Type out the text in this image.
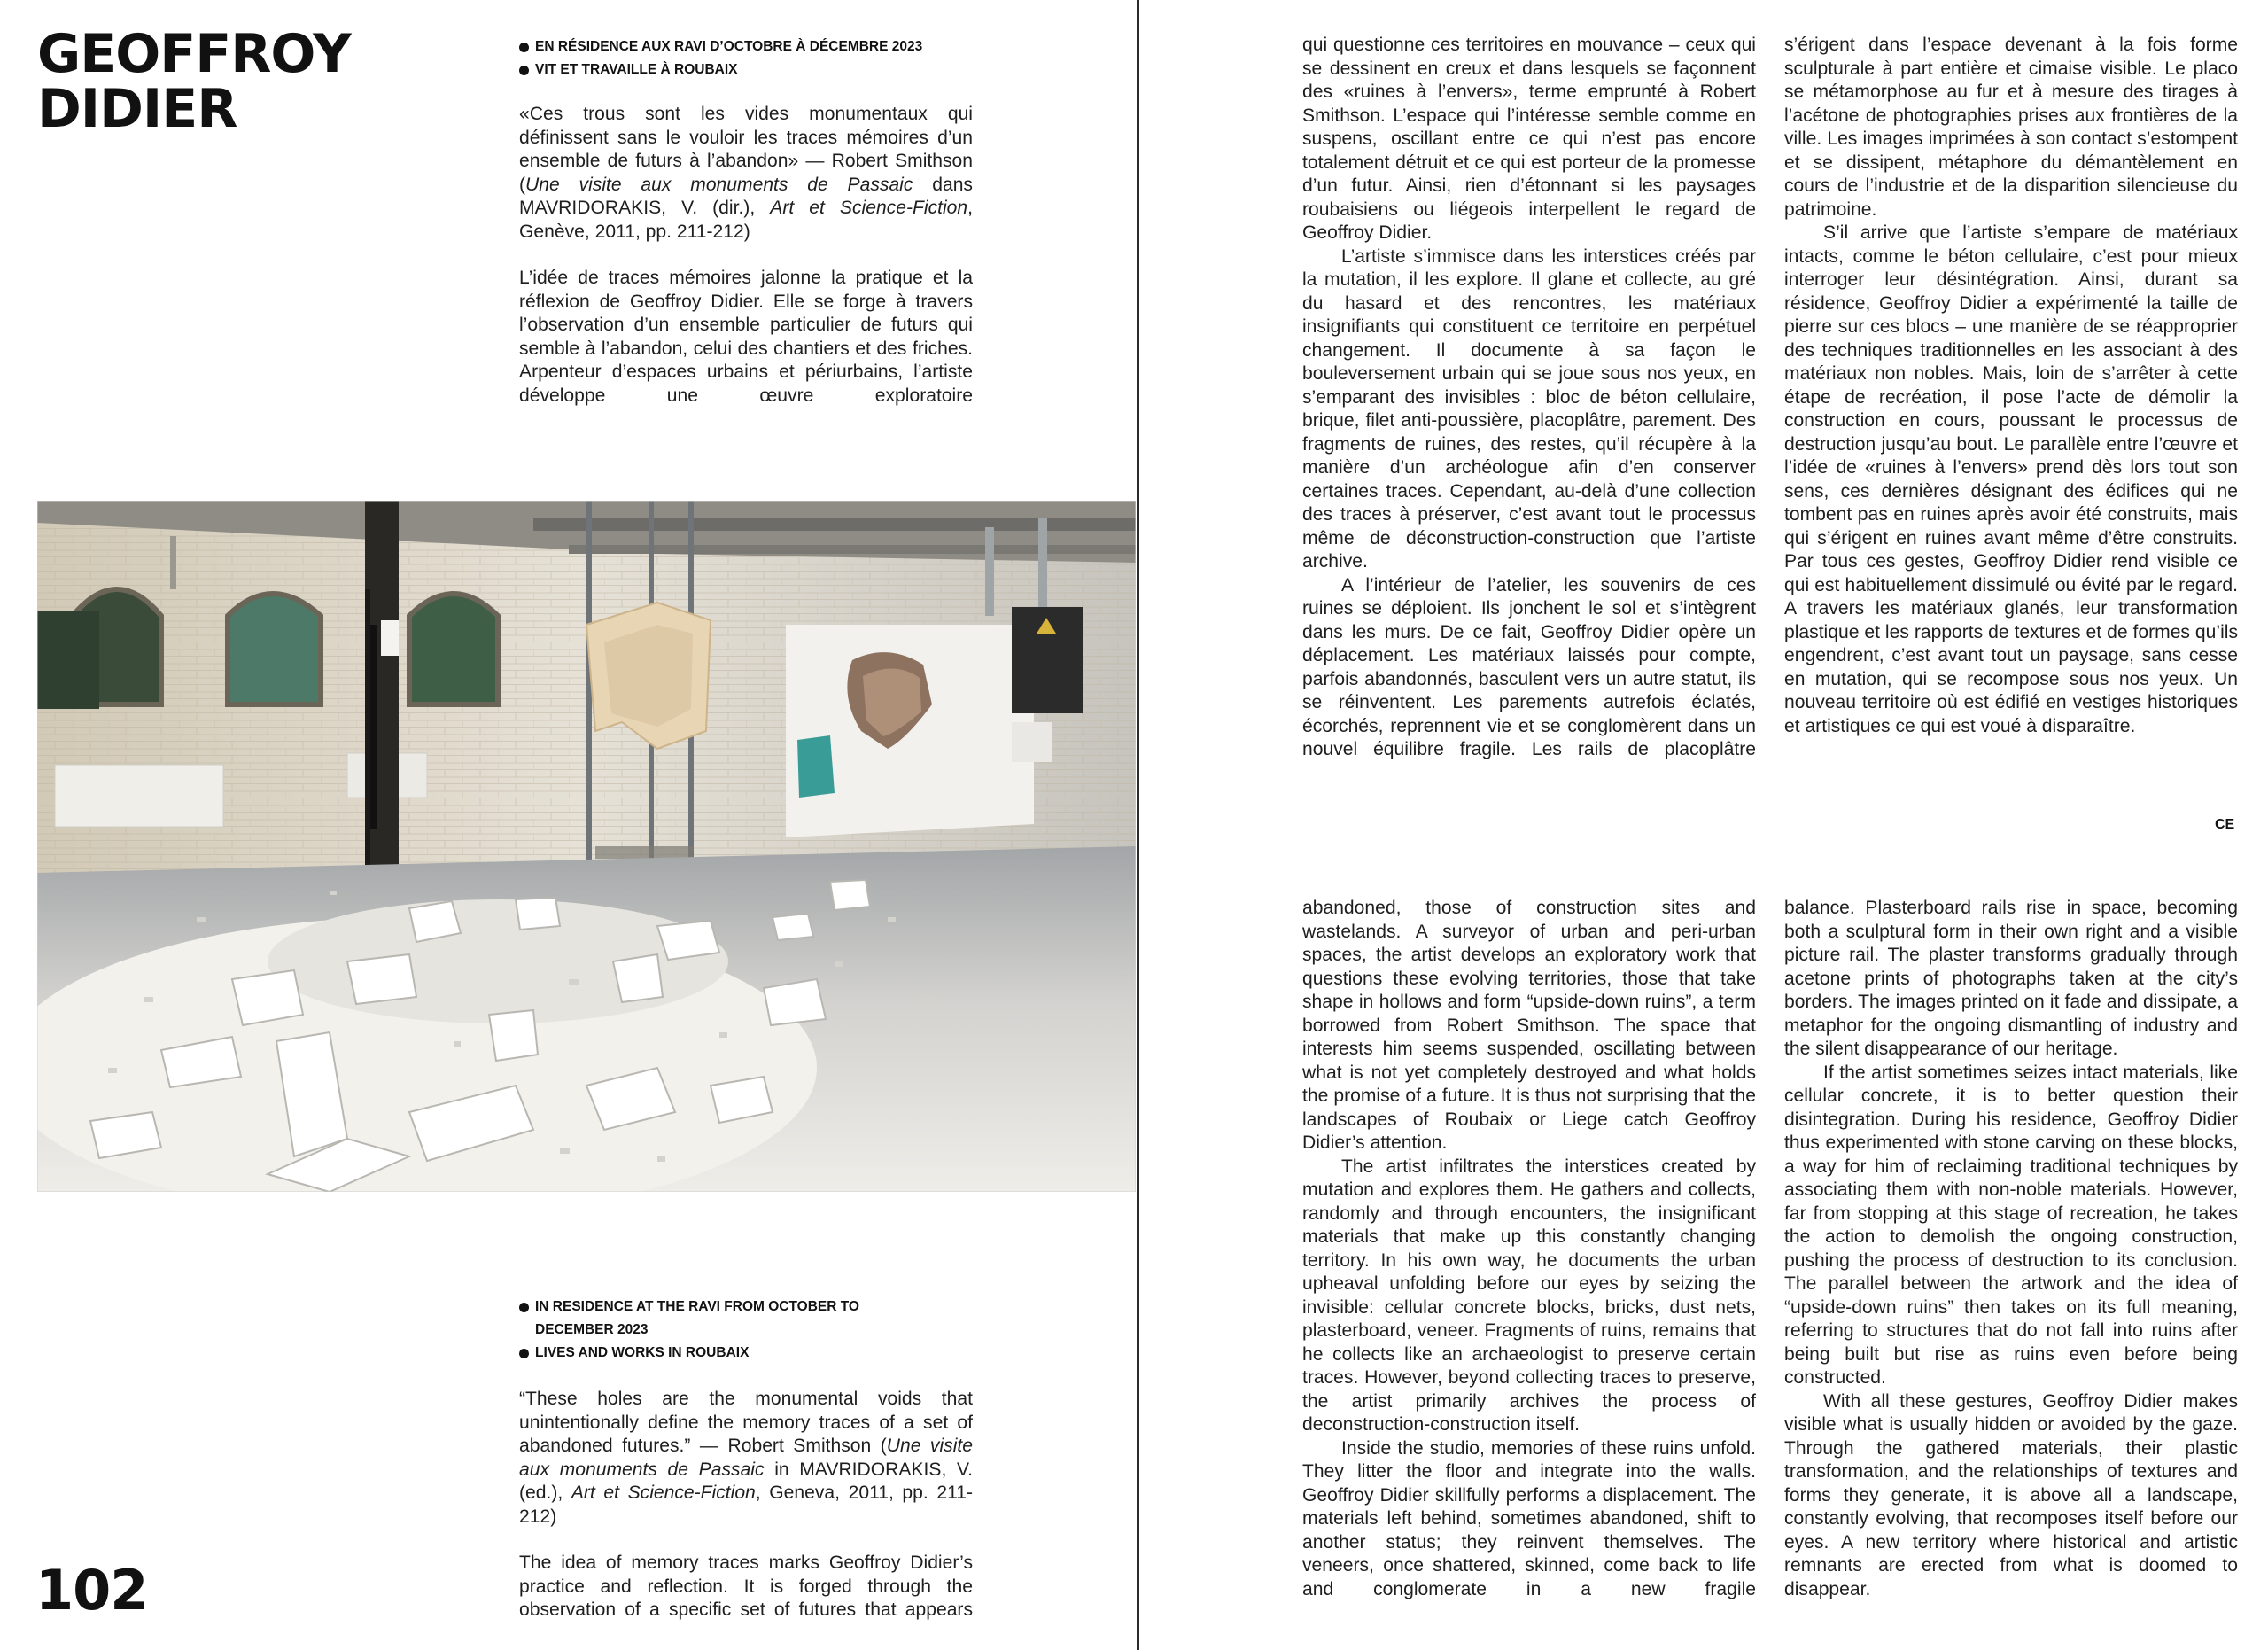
GEOFFROY
DIDIER
EN RÉSIDENCE AUX RAVI D’OCTOBRE À DÉCEMBRE 2023
VIT ET TRAVAILLE À ROUBAIX

«Ces trous sont les vides monumentaux qui définissent sans le vouloir les traces mémoires d’un ensemble de futurs à l’abandon» — Robert Smithson (Une visite aux monuments de Passaic dans MAVRIDORAKIS, V. (dir.), Art et Science-Fiction, Genève, 2011, pp. 211-212)

L’idée de traces mémoires jalonne la pratique et la réflexion de Geoffroy Didier. Elle se forge à travers l’observation d’un ensemble particulier de futurs qui semble à l’abandon, celui des chantiers et des friches. Arpenteur d’espaces urbains et périurbains, l’artiste développe une œuvre exploratoire

IN RESIDENCE AT THE RAVI FROM OCTOBER TO DECEMBER 2023
LIVES AND WORKS IN ROUBAIX

“These holes are the monumental voids that unintentionally define the memory traces of a set of abandoned futures.” — Robert Smithson (Une visite aux monuments de Passaic in MAVRIDORAKIS, V. (ed.), Art et Science-Fiction, Geneva, 2011, pp. 211-212)

The idea of memory traces marks Geoffroy Didier’s practice and reflection. It is forged through the observation of a specific set of futures that appears

102

qui questionne ces territoires en mouvance – ceux qui se dessinent en creux et dans lesquels se façonnent des «ruines à l’envers», terme emprunté à Robert Smithson. L’espace qui l’intéresse semble comme en suspens, oscillant entre ce qui n’est pas encore totalement détruit et ce qui est porteur de la promesse d’un futur. Ainsi, rien d’étonnant si les paysages roubaisiens ou liégeois interpellent le regard de Geoffroy Didier.

L’artiste s’immisce dans les interstices créés par la mutation, il les explore. Il glane et collecte, au gré du hasard et des rencontres, les matériaux insignifiants qui constituent ce territoire en perpétuel changement. Il documente à sa façon le bouleversement urbain qui se joue sous nos yeux, en s’emparant des invisibles : bloc de béton cellulaire, brique, filet anti-poussière, placoplâtre, parement. Des fragments de ruines, des restes, qu’il récupère à la manière d’un archéologue afin d’en conserver certaines traces. Cependant, au-delà d’une collection des traces à préserver, c’est avant tout le processus même de déconstruction-construction que l’artiste archive.

A l’intérieur de l’atelier, les souvenirs de ces ruines se déploient. Ils jonchent le sol et s’intègrent dans les murs. De ce fait, Geoffroy Didier opère un déplacement. Les matériaux laissés pour compte, parfois abandonnés, basculent vers un autre statut, ils se réinventent. Les parements autrefois éclatés, écorchés, reprennent vie et se conglomèrent dans un nouvel équilibre fragile. Les rails de placoplâtre

s’érigent dans l’espace devenant à la fois forme sculpturale à part entière et cimaise visible. Le placo se métamorphose au fur et à mesure des tirages à l’acétone de photographies prises aux frontières de la ville. Les images imprimées à son contact s’estompent et se dissipent, métaphore du démantèlement en cours de l’industrie et de la disparition silencieuse du patrimoine.

S’il arrive que l’artiste s’empare de matériaux intacts, comme le béton cellulaire, c’est pour mieux interroger leur désintégration. Ainsi, durant sa résidence, Geoffroy Didier a expérimenté la taille de pierre sur ces blocs – une manière de se réapproprier des techniques traditionnelles en les associant à des matériaux non nobles. Mais, loin de s’arrêter à cette étape de recréation, il pose l’acte de démolir la construction en cours, poussant le processus de destruction jusqu’au bout. Le parallèle entre l’œuvre et l’idée de «ruines à l’envers» prend dès lors tout son sens, ces dernières désignant des édifices qui ne tombent pas en ruines après avoir été construits, mais qui s’érigent en ruines avant même d’être construits. Par tous ces gestes, Geoffroy Didier rend visible ce qui est habituellement dissimulé ou évité par le regard. A travers les matériaux glanés, leur transformation plastique et les rapports de textures et de formes qu’ils engendrent, c’est avant tout un paysage, sans cesse en mutation, qui se recompose sous nos yeux. Un nouveau territoire où est édifié en vestiges historiques et artistiques ce qui est voué à disparaître.

CE

abandoned, those of construction sites and wastelands. A surveyor of urban and peri-urban spaces, the artist develops an exploratory work that questions these evolving territories, those that take shape in hollows and form “upside-down ruins”, a term borrowed from Robert Smithson. The space that interests him seems suspended, oscillating between what is not yet completely destroyed and what holds the promise of a future. It is thus not surprising that the landscapes of Roubaix or Liege catch Geoffroy Didier’s attention.

The artist infiltrates the interstices created by mutation and explores them. He gathers and collects, randomly and through encounters, the insignificant materials that make up this constantly changing territory. In his own way, he documents the urban upheaval unfolding before our eyes by seizing the invisible: cellular concrete blocks, bricks, dust nets, plasterboard, veneer. Fragments of ruins, remains that he collects like an archaeologist to preserve certain traces. However, beyond collecting traces to preserve, the artist primarily archives the process of deconstruction-construction itself.

Inside the studio, memories of these ruins unfold. They litter the floor and integrate into the walls. Geoffroy Didier skillfully performs a displacement. The materials left behind, sometimes abandoned, shift to another status; they reinvent themselves. The veneers, once shattered, skinned, come back to life and conglomerate in a new fragile

balance. Plasterboard rails rise in space, becoming both a sculptural form in their own right and a visible picture rail. The plaster transforms gradually through acetone prints of photographs taken at the city’s borders. The images printed on it fade and dissipate, a metaphor for the ongoing dismantling of industry and the silent disappearance of our heritage.

If the artist sometimes seizes intact materials, like cellular concrete, it is to better question their disintegration. During his residence, Geoffroy Didier thus experimented with stone carving on these blocks, a way for him of reclaiming traditional techniques by associating them with non-noble materials. However, far from stopping at this stage of recreation, he takes the action to demolish the ongoing construction, pushing the process of destruction to its conclusion. The parallel between the artwork and the idea of “upside-down ruins” then takes on its full meaning, referring to structures that do not fall into ruins after being built but rise as ruins even before being constructed.

With all these gestures, Geoffroy Didier makes visible what is usually hidden or avoided by the gaze. Through the gathered materials, their plastic transformation, and the relationships of textures and forms they generate, it is above all a landscape, constantly evolving, that recomposes itself before our eyes. A new territory where historical and artistic remnants are erected from what is doomed to disappear.
